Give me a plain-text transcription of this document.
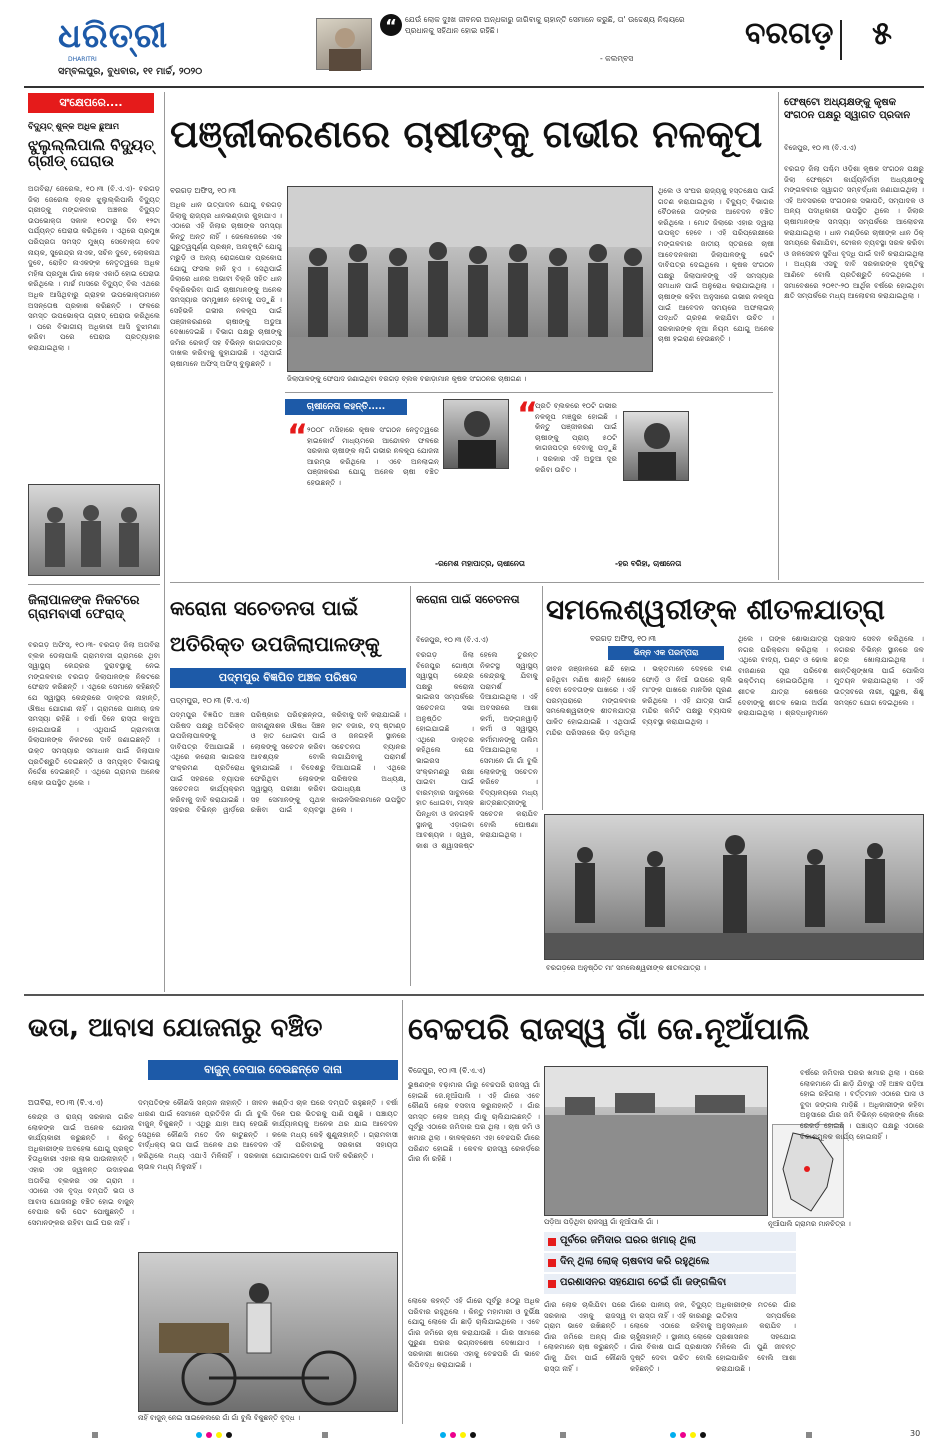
ଧରିତ୍ରୀ
DHARITRI
ସମ୍ବଲପୁର, ବୁଧବାର, ୧୧ ମାର୍ଚ୍ଚ, ୨୦୨୦
“	ଯେଉଁ ଲୋକ ଦୁଃଖ ଜୀବନର ଅନ୍ଧକାରୁ ଜାଗିବାକୁ ଚାହାନ୍ତି ସେମାନେ କରୁଛି, ତା' ଉଦ୍ଦେଶ୍ୟ ନିଶ୍ଚୟରେ ପ୍ରଧାନକୁ ସହିଥାନ ହୋଇ ରହିଛି।
- କଲମ୍ବସ
ବରଗଡ଼ ୫
ସଂକ୍ଷେପରେ....
ବିଦ୍ୟୁତ୍ ଶୁଳ୍କ ଅଧିକ ଛୁଆମ
ଝୁଲୁଲ୍ଲିପାଲି ବିଦ୍ୟୁତ୍ ଗ୍ରୀଡ୍ ଘେରାଉ
ଅତାବିରା/ ଜେରେଲ, ୧୦।୩ (ବି.ଏ.ଏ)- ବରଗଡ଼ ଜିଲା ଜେରେଲ ବ୍ଲକ ଝୁଲୁଲ୍ଲିପାଲି ବିଦ୍ୟୁତ୍ ଗ୍ରୀଡ୍କୁ ମଙ୍ଗଳବାର ଅଞ୍ଚଳର ବିଦ୍ୟୁତ ଉପଭୋକ୍ତା ସକାଳ ୧୦ଟାରୁ ଦିନ ୧୨ଟା ପର୍ଯ୍ୟନ୍ତ ଘେରାଉ କରିଥିଲେ । ଏଥିରେ ପ୍ରମୁଖ ପରିପ୍ରତା ସମସ୍ତ ମୁଖ୍ୟ ସେବୋକ୍ତା ଦେବ ନାୟକ, ସୁରେନ୍ଦ୍ର ନାଏକ, ସଚିନ ଦୁବେ, ଲୋକନାଥ ଦୁବେ, ରୋହିତ ନାଏକଙ୍କ ନେତୃତ୍ୱରେ ଅଧିକ ମହିଳା ପ୍ରମୁଖ ଗାଁର ଲୋକ ଏକାଠି ହୋଇ ଘେରାଉ କରିଥିଲେ । ମାର୍ଚ୍ଚ ମାସରେ ବିଦ୍ୟୁତ୍ ବିଲ ଏଥରେ ଅଧିକ ଆସିଥିବାରୁ ଗ୍ରାହକ ଉପଭୋକ୍ତାମାନେ ଅସନ୍ତୋଷ ପ୍ରକାଶ କରିଛନ୍ତି । ଫଳରେ ସମସ୍ତ ଉପଭୋକ୍ତା ଗ୍ରୀଡ୍ ଘେରାଉ କରିଥିଲେ । ପରେ ବିଭାଗୀୟ ଅଧିକାରୀ ଆସି ବୁଝାମଣା କରିବା ପରେ ଘେରାଉ ପ୍ରତ୍ୟାହାର କରାଯାଇଥିଲା ।
ଜିଲାପାଳଙ୍କ ନିକଟରେ ଗ୍ରାମବାସୀ ଫେରାଦ୍
ବରଗଡ଼ ଅଫିସ୍, ୧୦।୩- ବରଗଡ଼ ଜିଲା ଅତାବିରା ବ୍ଲକ ଡେଲାପାଲି ଗ୍ରାମବାସୀ ଗ୍ରାମରେ ଥିବା ସ୍ୱାସ୍ଥ୍ୟ କେନ୍ଦ୍ରର ଦୁରାବସ୍ଥାକୁ ନେଇ ମଙ୍ଗଳବାର ବରଗଡ଼ ଜିଲାପାଳଙ୍କ ନିକଟରେ ଫେରାଦ କରିଛନ୍ତି । ଏଥିରେ ସେମାନେ କହିଛନ୍ତି ଯେ ସ୍ୱାସ୍ଥ୍ୟ କେନ୍ଦ୍ରରେ ଡାକ୍ତର ନାହାନ୍ତି, ଔଷଧ ଯୋଗାଣ ନାହିଁ । ଗ୍ରାମରେ ପାନୀୟ ଜଳ ସମସ୍ୟା ରହିଛି । ବର୍ଷା ଦିନେ ରାସ୍ତା କାଦୁଅ ହୋଇଯାଉଛି । ଏଥିପାଇଁ ଗ୍ରାମବାସୀ ଜିଲାପାଳଙ୍କ ନିକଟରେ ଦାବି ଜଣାଇଛନ୍ତି । ଉକ୍ତ ସମସ୍ୟାର ସମାଧାନ ପାଇଁ ଜିଲାପାଳ ପ୍ରତିଶ୍ରୁତି ଦେଇଛନ୍ତି ଓ ସମ୍ପୃକ୍ତ ବିଭାଗକୁ ନିର୍ଦ୍ଦେଶ ଦେଇଛନ୍ତି । ଏଥିରେ ଗ୍ରାମର ଅନେକ ଲୋକ ଉପସ୍ଥିତ ଥିଲେ ।
ପଞ୍ଜୀକରଣରେ ଚାଷୀଙ୍କୁ ଗଭୀର ନଳକୂପ
ବରଗଡ଼ ଅଫିସ୍, ୧୦।୩
ଅଧିକ ଧାନ ଉତ୍ପାଦନ ଯୋଗୁ ବରଗଡ଼ ଜିଲାକୁ ରାଜ୍ୟର ଧାନଭଣ୍ଡାର କୁହାଯାଏ । ଏଠାରେ ଏହି ଜିଲାର ଚାଷୀଙ୍କ ସମସ୍ୟା କିନ୍ତୁ ଅନ୍ତ ନାହିଁ । ଜେଲେଜେରେ ଏକ ଗୁରୁତ୍ୱପୂର୍ଣ୍ଣ ପ୍ରଶ୍ନ, ଅନାବୃଷ୍ଟି ଯୋଗୁ ମରୁଡ଼ି ଓ ଅନ୍ୟ ରୋଗପୋକ ପ୍ରକୋପ ଯୋଗୁ ଫସଲ ହାନି ହୁଏ । ସେଥିପାଇଁ ଜିଲାରେ ଧାନର ଅଭାବୀ ବିକ୍ରି ସହିତ ଧାନ ବିକ୍ରିକରିବା ପାଇଁ ଚାଷୀମାନଙ୍କୁ ଅନେକ ସମସ୍ୟାର ସମ୍ମୁଖୀନ ହେବାକୁ ପଡ଼ୁଛି । ସେହିଭଳି ଗଭୀର ନଳକୂପ ପାଇଁ ପଞ୍ଜୀକରଣରେ ଚାଷୀଙ୍କୁ ଅଡୁଆ ଦେଖାଦେଇଛି । ବିଭାଗ ପକ୍ଷରୁ ଚାଷୀଙ୍କୁ ଜମିର ରେକର୍ଡ଼ ସହ ବିଭିନ୍ନ କାଗଜପତ୍ର ଦାଖଲ କରିବାକୁ କୁହାଯାଉଛି । ଏଥିପାଇଁ ଚାଷୀମାନେ ଅଫିସ୍ ଅଫିସ୍ ବୁଲୁଛନ୍ତି ।
ଜିଲାପାଳଙ୍କୁ ଫେପାଦ ଜଣାଇଥିବା ବରଗଡ଼ ବ୍ଲକ ବଚ୍ଚାଡ଼ାମାନ କୃଷକ ସଂଗଠନର ଚାଷୀଗଣ ।
ଥିଲେ ଓ ସଂଘର ରାଜ୍ୟକୁ ହସ୍ତକ୍ଷେପ ପାଇଁ ଗତଣ କରାଯାଇଥିଲା । ବିଦ୍ୟୁତ୍ ବିଭାଗର ବୈଠକରେ ତାଙ୍କର ଆବେଦନ ବଞ୍ଚିତ କରିଥିଲେ । ମୋଟ ଜିଲାରେ ଏହାର ଦ୍ୱାରା ଉପକୃତ ହେବେ । ଏହି ପରିପ୍ରେକ୍ଷୀରେ ମଙ୍ଗଳବାର ଜାତୀୟ ସ୍ତରରେ ଚାଷୀ ଆବେଦନକାରୀ ଜିଲାପାଳଙ୍କୁ ଭେଟି ଦାବିପତ୍ର ଦେଇଥିଲେ । କୃଷକ ସଂଗଠନ ପକ୍ଷରୁ ଜିଲାପାଳଙ୍କୁ ଏହି ସମସ୍ୟାର ସମାଧାନ ପାଇଁ ଅନୁରୋଧ କରାଯାଇଥିଲା । ଚାଷୀଙ୍କ କହିବା ଅନୁସାରେ ଗଭୀର ନଳକୂପ ପାଇଁ ଆବେଦନ ସମୟରେ ଅଫଲାଇନ୍ ପଦ୍ଧତି ଗ୍ରହଣ କରାଯିବା ଉଚିତ । ସରକାରଙ୍କ ନୂଆ ନିୟମ ଯୋଗୁ ଅନେକ ଚାଷୀ ହଇରାଣ ହେଉଛନ୍ତି ।
ଚାଷୀନେତା କହନ୍ତି.....
“
୨୦୦୮ ମସିହାରେ କୃଷକ ସଂଗଠନ ନେତୃତ୍ୱରେ ହାଇକୋର୍ଟ ମାଧ୍ୟମରେ ଆନ୍ଦୋଳନ ଫଳରେ ସରକାର ଚାଷୀଙ୍କ ଲାଗି ଗଭୀର ନଳକୂପ ଯୋଜନା ଆରମ୍ଭ କରିଥିଲେ । ଏବେ ଅନଲାଇନ୍ ପଞ୍ଜୀକରଣ ଯୋଗୁ ଅନେକ ଚାଷୀ ବଞ୍ଚିତ ହେଉଛନ୍ତି ।
-ରମେଶ ମହାପାତ୍ର, ଚାଷୀନେତା
“
ପ୍ରତି ବ୍ଲକରେ ୧୦ଟି ଗଭୀର ନଳକୂପ ମଞ୍ଜୁର ହୋଇଛି । କିନ୍ତୁ ପଞ୍ଜୀକରଣ ପାଇଁ ଚାଷୀଙ୍କୁ ପ୍ରାୟ ୫୦ଟି କାଗଜପତ୍ର ଦେବାକୁ ପଡ଼ୁଛି । ସରକାର ଏହି ଅଡୁଆ ଦୂର କରିବା ଉଚିତ ।
-ହର ବରିହା, ଚାଷୀନେତା
ଫେଷ୍ଟୋ ଅଧ୍ୟକ୍ଷଙ୍କୁ କୃଷକ ସଂଗଠନ ପକ୍ଷରୁ ସ୍ୱାଗତ ପ୍ରଦାନ
ବିଜେପୁର, ୧୦।୩ (ବି.ଏ.ଏ)
ବରଗଡ଼ ଜିଲା ପଶ୍ଚିମ ଓଡ଼ିଶା କୃଷକ ସଂଗଠନ ପକ୍ଷରୁ ଜିଲା ଫେଷ୍ଟୋ କାର୍ଯ୍ୟନିର୍ବାହୀ ଅଧ୍ୟକ୍ଷଙ୍କୁ ମଙ୍ଗଳବାର ସ୍ୱାଗତ ସମ୍ବର୍ଦ୍ଧନା ଜଣାଯାଇଥିଲା । ଏହି ଅବସରରେ ସଂଗଠନର ସଭାପତି, ସମ୍ପାଦକ ଓ ଅନ୍ୟ ପଦାଧିକାରୀ ଉପସ୍ଥିତ ଥିଲେ । ଜିଲାର ଚାଷୀମାନଙ୍କ ସମସ୍ୟା ସମ୍ପର୍କରେ ଆଲୋଚନା କରାଯାଇଥିଲା । ଧାନ ମଣ୍ଡିରେ ଚାଷୀଙ୍କ ଧାନ ଠିକ୍ ସମୟରେ କିଣାଯିବା, ଟୋକନ ବ୍ୟବସ୍ଥା ସରଳ କରିବା ଓ ଜଳସେଚନ ସୁବିଧା ବୃଦ୍ଧି ପାଇଁ ଦାବି କରାଯାଇଥିଲା । ଅଧ୍ୟକ୍ଷ ଏସବୁ ଦାବି ସରକାରଙ୍କ ଦୃଷ୍ଟିକୁ ଆଣିବେ ବୋଲି ପ୍ରତିଶ୍ରୁତି ଦେଇଥିଲେ । ସମାବେଶରେ ୨୦୧୯-୨୦ ଆର୍ଥିକ ବର୍ଷରେ ହୋଇଥିବା କ୍ଷତି ସମ୍ପର୍କରେ ମଧ୍ୟ ଆଲୋଚନା କରାଯାଇଥିଲା ।
କରୋନା ସଚେତନତା ପାଇଁ ଅତିରିକ୍ତ ଉପଜିଲାପାଳଙ୍କୁ
ପଦ୍ମପୁର ବିଜ୍ଞପିତ ଅଞ୍ଚଳ ପରିଷଦ
ପଦ୍ମପୁର, ୧୦।୩ (ବି.ଏ.ଏ)
ପଦ୍ମପୁର ବିଜ୍ଞପିତ ଅଞ୍ଚଳ ପରିଷଦ ପକ୍ଷରୁ ଅତିରିକ୍ତ ଉପଜିଲାପାଳଙ୍କୁ ଦାବିପତ୍ର ଦିଆଯାଇଛି । ଏଥିରେ କରୋନା ଭାଇରସ ସଂକ୍ରମଣ ପ୍ରତିରୋଧ ପାଇଁ ସହରରେ ବ୍ୟାପକ ସଚେତନତା କାର୍ଯ୍ୟକ୍ରମ କରିବାକୁ ଦାବି କରାଯାଇଛି । ସହରର ବିଭିନ୍ନ ୱାର୍ଡ଼ରେ ପରିଷ୍କାର ପରିଚ୍ଛନ୍ନତା, ଜୀବାଣୁନାଶକ ଔଷଧ ସିଞ୍ଚନ ଓ ହାତ ଧୋଇବା ପାଇଁ ଲୋକଙ୍କୁ ସଚେତନ କରିବା ଆବଶ୍ୟକ ବୋଲି କୁହାଯାଇଛି । ବିଦେଶରୁ ଫେରିଥିବା ଲୋକଙ୍କ ସ୍ୱାସ୍ଥ୍ୟ ପରୀକ୍ଷା କରିବା ସହ ସେମାନଙ୍କୁ ପୃଥକ ରଖିବା ପାଇଁ ବ୍ୟବସ୍ଥା କରିବାକୁ ଦାବି କରାଯାଇଛି । ହାଟ ବଜାର, ବସ୍ ଷ୍ଟାଣ୍ଡ ଓ ଜନଗହଳି ସ୍ଥାନରେ ସଚେତନତା ବ୍ୟାନର ଲଗାଯିବାକୁ ପରାମର୍ଶ ଦିଆଯାଇଛି । ଏଥିରେ ପରିଷଦର ଅଧ୍ୟକ୍ଷ, ଉପାଧ୍ୟକ୍ଷ ଓ କାଉନସିଲରମାନେ ଉପସ୍ଥିତ ଥିଲେ ।
କରୋନା ପାଇଁ ସଚେତନତା
ବିଜେପୁର, ୧୦।୩ (ବି.ଏ.ଏ)
ବରଗଡ଼ ଜିଲା ବିଜେପୁର ଗୋଷ୍ଠୀ ସ୍ୱାସ୍ଥ୍ୟ କେନ୍ଦ୍ର ପକ୍ଷରୁ କରୋନା ଭାଇରସ ସମ୍ପର୍କରେ ସଚେତନତା ସଭା ଅନୁଷ୍ଠିତ ହୋଇଯାଇଛି । ଏଥିରେ ଡାକ୍ତର କହିଥିଲେ ଯେ ଭାଇରସ ସଂକ୍ରମଣରୁ ରକ୍ଷା ପାଇବା ପାଇଁ ବାରମ୍ବାର ସାବୁନରେ ହାତ ଧୋଇବା, ମାସ୍କ ପିନ୍ଧିବା ଓ ଜନଗହଳି ସ୍ଥାନକୁ ଏଡ଼ାଇବା ଆବଶ୍ୟକ । ଜ୍ୱର, କାଶ ଓ ଶ୍ୱାସକଷ୍ଟ ହେଲେ ତୁରନ୍ତ ନିକଟସ୍ଥ ସ୍ୱାସ୍ଥ୍ୟ କେନ୍ଦ୍ରକୁ ଯିବାକୁ ପରାମର୍ଶ ଦିଆଯାଇଥିଲା । ଏହି ଅବସରରେ ଆଶା କର୍ମୀ, ଅଙ୍ଗନୱାଡ଼ି କର୍ମୀ ଓ ସ୍ୱାସ୍ଥ୍ୟ କର୍ମୀମାନଙ୍କୁ ତାଲିମ ଦିଆଯାଇଥିଲା । ସେମାନେ ଗାଁ ଗାଁ ବୁଲି ଲୋକଙ୍କୁ ସଚେତନ କରିବେ । ବିଦ୍ୟାଳୟରେ ମଧ୍ୟ ଛାତ୍ରଛାତ୍ରୀଙ୍କୁ ସଚେତନ କରାଯିବ ବୋଲି ଘୋଷଣା କରାଯାଇଥିଲା ।
ସମଲେଶ୍ୱରୀଙ୍କ ଶୀତଳଯାତ୍ରା
ବରଗଡ଼ ଅଫିସ୍, ୧୦।୩
ଭିନ୍ନ ଏକ ପରମ୍ପରା
ଜୀବନ ଜଞ୍ଜାଳରେ ଛନ୍ଦି ହୋଇ ରହିଥିବା ମଣିଷ ଶାନ୍ତି ଖୋଜେ ଦେବୀ ଦେବତାଙ୍କ ପାଖରେ । ଏହି ପରମ୍ପରାରେ ମଙ୍ଗଳବାର ସମଲେଶ୍ୱରୀଙ୍କ ଶୀତଳଯାତ୍ରା ପାଳିତ ହୋଇଯାଇଛି । ଏଥିପାଇଁ ମନ୍ଦିର ପରିସରରେ ଭିଡ଼ ଜମିଥିଲା । ଭକ୍ତମାନେ ଦେହରେ ବାଣ ଫୋଡ଼ି ଓ ନିଆଁ ଉପରେ ଚାଲି ମା'ଙ୍କ ପାଖରେ ମାନସିକ ପୂରଣ କରିଥିଲେ । ଏହି ଯାତ୍ରା ପାଇଁ ମନ୍ଦିର କମିଟି ପକ୍ଷରୁ ବ୍ୟାପକ ବ୍ୟବସ୍ଥା କରାଯାଇଥିଲା ।
ଥିଲେ । ତାଙ୍କ ଶୋଭାଯାତ୍ରା ନଗର ପରିକ୍ରମା କରିଥିଲା । ଏଥିରେ ବାଦ୍ୟ, ଘଣ୍ଟ ଓ ଢୋଲ ବାଜଣାରେ ପୂରା ପରିବେଶ ଭକ୍ତିମୟ ହୋଇଉଠିଥିଲା । ଶୀତଳ ଯାତ୍ରା ଶେଷରେ ଦେବୀଙ୍କୁ ଶୀତଳ ଭୋଗ ଅର୍ପଣ କରାଯାଇଥିଲା । ଶ୍ରଦ୍ଧାଳୁମାନେ ପ୍ରସାଦ ସେବନ କରିଥିଲେ । ନଗରର ବିଭିନ୍ନ ସ୍ଥାନରେ ଜଳ ଛତ୍ର ଖୋଲାଯାଇଥିଲା । ଶାନ୍ତିଶୃଙ୍ଖଳା ପାଇଁ ପୋଲିସ ମୁତୟନ କରାଯାଇଥିଲା । ଏହି ଉତ୍ସବରେ ନାରୀ, ପୁରୁଷ, ଶିଶୁ ସମସ୍ତେ ଯୋଗ ଦେଇଥିଲେ ।
ବରଗଡ଼ରେ ଅନୁଷ୍ଠିତ ମା' ସମଲେଶ୍ୱରୀଙ୍କ ଶୀତଳଯାତ୍ରା ।
ଭତା, ଆବାସ ଯୋଜନାରୁ ବଞ୍ଚିତ
ବାଜୁନ୍ ବେପାର ଦେଉଛନ୍ତେ ଦାନା
ଅତାବିରା, ୧୦।୩ (ବି.ଏ.ଏ)
କେନ୍ଦ୍ର ଓ ରାଜ୍ୟ ସରକାର ଗରିବ ଲୋକଙ୍କ ପାଇଁ ଅନେକ ଯୋଜନା କାର୍ଯ୍ୟକାରୀ କରୁଛନ୍ତି । କିନ୍ତୁ ଅଧିକାରୀଙ୍କ ଅବହେଳା ଯୋଗୁ ପ୍ରକୃତ ହିତାଧିକାରୀ ଏହାର ଲାଭ ପାଉନାହାନ୍ତି । ଏହାର ଏକ ଜ୍ୱଳନ୍ତ ଉଦାହରଣ ଅତାବିରା ବ୍ଲକର ଏକ ଗ୍ରାମ । ଏଠାରେ ଏକ ବୃଦ୍ଧ ଦମ୍ପତି ଭତା ଓ ଆବାସ ଯୋଜନାରୁ ବଞ୍ଚିତ ହୋଇ ବାଜୁନ୍ ବେପାର କରି ପେଟ ପୋଷୁଛନ୍ତି । ସେମାନଙ୍କର ରହିବା ପାଇଁ ଘର ନାହିଁ ।
ଦମ୍ପତିଙ୍କ କୌଣସି ସନ୍ତାନ ନାହାନ୍ତି । ଜୀବନ ଧାରଣ ପାଇଁ ସେମାନେ ପ୍ରତିଦିନ ଗାଁ ଗାଁ ବୁଲି ବାଜୁନ୍ ବିକୁଛନ୍ତି । ଏଥିରୁ ଯାହା ଆୟ ହେଉଛି ସେଥିରେ କୌଣସି ମତେ ଦିନ କାଟୁଛନ୍ତି । ବାର୍ଦ୍ଧକ୍ୟ ଭତା ପାଇଁ ଅନେକ ଥର ଆବେଦନ କରିଥିଲେ ମଧ୍ୟ ଏଯାଏଁ ମିଳିନାହିଁ । ସରକାରୀ ଚାଉଳ ମଧ୍ୟ ମିଳୁନାହିଁ ।
ଖଣ୍ଡିଏ ଚାଳ ଘରେ ଦମ୍ପତି ରହୁଛନ୍ତି । ବର୍ଷା ଦିନେ ଘର ଭିତରକୁ ପାଣି ପଶୁଛି । ପଞ୍ଚାୟତ କାର୍ଯ୍ୟାଳୟକୁ ଅନେକ ଥର ଯାଇ ଆବେଦନ କଲେ ମଧ୍ୟ କେହି ଶୁଣୁନାହାନ୍ତି । ଗ୍ରାମବାସୀ ଏହି ପରିବାରକୁ ସରକାରୀ ସହାୟତା ଯୋଗାଇଦେବା ପାଇଁ ଦାବି କରିଛନ୍ତି ।
ନାହିଁ ବାଜୁନ୍ ନେଇ ସାଇକେଲରେ ଗାଁ ଗାଁ ବୁଲି ବିକୁଛନ୍ତି ବୃଦ୍ଧ ।
ବେଚ୍ଚପରି ରାଜସ୍ୱ ଗାଁ ଜେ.ନୂଆଁପାଲି
ବିଜେପୁର, ୧୦।୩ (ବି.ଏ.ଏ)
ଭୁଷଣଙ୍କ ବଢ଼ାମାର ଗାଁରୁ ବେଚ୍ଚପରି ରାଜସ୍ୱ ଗାଁ ହୋଇଛି ଜେ.ନୂଆଁପାଲି । ଏହି ଗାଁରେ ଏବେ କୌଣସି ଲୋକ ବସବାସ କରୁନାହାନ୍ତି । ଗାଁର ସମସ୍ତ ଲୋକ ଅନ୍ୟ ଗାଁକୁ ଚାଲିଯାଇଛନ୍ତି । ପୂର୍ବରୁ ଏଠାରେ ଜମିଦାର ଘର ଥିଲା । ଚାଷ ଜମି ଓ ଖମାର ଥିଲା । କାଳକ୍ରମେ ଏହା ବେଚ୍ଚପରି ଗାଁରେ ପରିଣତ ହୋଇଛି । କେବଳ ରାଜସ୍ୱ ରେକର୍ଡ଼ରେ ଗାଁର ନାଁ ରହିଛି ।
ପଡ଼ିଆ ପଡ଼ିଥିବା ରାଜସ୍ୱ ଗାଁ ନୂଆଁପାଲି ଗାଁ ।	ନୂଆଁପାଲି ଗ୍ରାମର ମାନଚିତ୍ର ।
ବର୍ଷରେ ଜମିଦାର ଘରର ଖମାର ଥିଲା । ପରେ ଲୋକମାନେ ଗାଁ ଛାଡ଼ି ଯିବାରୁ ଏହି ଅଞ୍ଚଳ ପଡ଼ିଆ ହୋଇ ରହିଗଲା । ବର୍ତ୍ତମାନ ଏଠାରେ ଘାସ ଓ ବୁଦା ଜଙ୍ଗଲ ମାଡ଼ିଛି । ଅଧିକାରୀଙ୍କ କହିବା ଅନୁସାରେ ଗାଁର ଜମି ବିଭିନ୍ନ ଲୋକଙ୍କ ନାଁରେ ରେକର୍ଡ଼ ହୋଇଛି । ପଞ୍ଚାୟତ ପକ୍ଷରୁ ଏଠାରେ ବିକାଶମୂଳକ କାର୍ଯ୍ୟ ହୋଇନାହିଁ ।
ପୂର୍ବରେ ଜମିଦାର ଘରର ଖମାର୍ ଥିଲା
ଦିନ୍ ଥିଲା ଲୋକ୍ ଚାଷବାସ କରି ରହୁଥିଲେ
ପରଶାସନର ସହଯୋଗ ଚେଇଁ ଗାଁ ଜଙ୍ଗଲିବା
ଲୋକେ କହନ୍ତି ଏହି ଗାଁରେ ପୂର୍ବରୁ ୫୦ରୁ ଅଧିକ ପରିବାର ରହୁଥିଲେ । କିନ୍ତୁ ମହାମାରୀ ଓ ଦୁର୍ଭିକ୍ଷ ଯୋଗୁ ଲୋକେ ଗାଁ ଛାଡ଼ି ଚାଲିଯାଇଥିଲେ । ଏବେ ଗାଁର ଜମିରେ ଚାଷ କରାଯାଉଛି । ଗାଁର ସୀମାରେ ପୁରୁଣା ଘରର ଭଗ୍ନାବଶେଷ ଦେଖାଯାଏ । ସରକାରୀ ଖାତାରେ ଏହାକୁ ବେଚ୍ଚପରି ଗାଁ ଭାବେ ଲିପିବଦ୍ଧ କରାଯାଇଛି ।
ଗାଁର ଲୋକ ଚାଲିଯିବା ପରେ ସରକାର ଏହାକୁ ରାଜସ୍ୱ ଗ୍ରାମ ଭାବେ ରଖିଛନ୍ତି । ଗାଁର ଜମିରେ ଅନ୍ୟ ଗାଁର ଲୋକମାନେ ଚାଷ କରୁଛନ୍ତି । ଗାଁକୁ ଯିବା ପାଇଁ କୌଣସି ରାସ୍ତା ନାହିଁ ।
ଗାଁରେ ପାନୀୟ ଜଳ, ବିଦ୍ୟୁତ୍ ବା ରାସ୍ତା ନାହିଁ । ଏହି କାରଣରୁ ଲୋକେ ଏଠାରେ ରହିବାକୁ ଚାହୁଁନାହାନ୍ତି । ସ୍ଥାନୀୟ ଲୋକେ ଗାଁର ବିକାଶ ପାଇଁ ପ୍ରଶାସନ ଦୃଷ୍ଟି ଦେବା ଉଚିତ ବୋଲି କହିଛନ୍ତି ।
ଅଧିକାରୀଙ୍କ ମତରେ ଗାଁର ଇତିହାସ ସମ୍ପର୍କରେ ଅନୁସନ୍ଧାନ କରାଯିବ । ପ୍ରଶାସନର ସହଯୋଗ ମିଳିଲେ ଗାଁ ପୁଣି ଜୀବନ୍ତ ହୋଇପାରିବ ବୋଲି ଆଶା କରାଯାଉଛି ।
30
